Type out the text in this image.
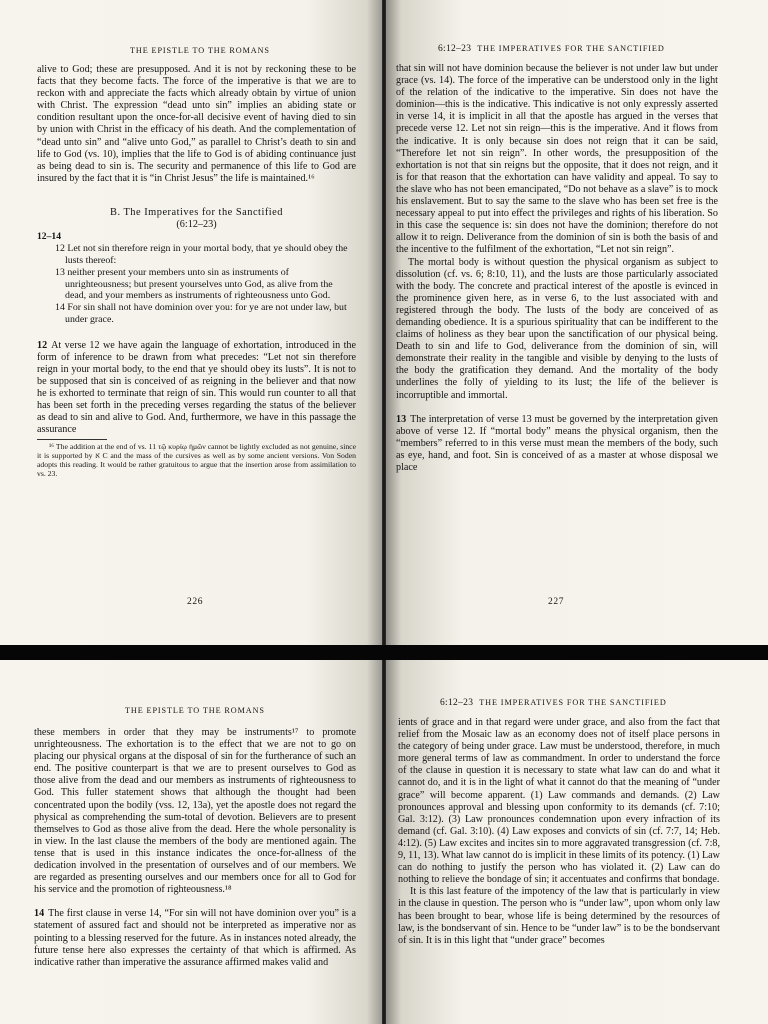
THE EPISTLE TO THE ROMANS

alive to God; these are presupposed. And it is not by reckoning these to be facts that they become facts. The force of the imperative is that we are to reckon with and appreciate the facts which already obtain by virtue of union with Christ. The expression “dead unto sin” implies an abiding state or condition resultant upon the once-for-all decisive event of having died to sin by union with Christ in the efficacy of his death. And the complementation of “dead unto sin” and “alive unto God,” as parallel to Christ’s death to sin and life to God (vs. 10), implies that the life to God is of abiding continuance just as being dead to sin is. The security and permanence of this life to God are insured by the fact that it is “in Christ Jesus” the life is maintained.¹⁶

B. The Imperatives for the Sanctified

(6:12–23)

12–14

12 Let not sin therefore reign in your mortal body, that ye should obey the lusts thereof:

13 neither present your members unto sin as instruments of unrighteousness; but present yourselves unto God, as alive from the dead, and your members as instruments of righteousness unto God.

14 For sin shall not have dominion over you: for ye are not under law, but under grace.

12 At verse 12 we have again the language of exhortation, introduced in the form of inference to be drawn from what precedes: “Let not sin therefore reign in your mortal body, to the end that ye should obey its lusts”. It is not to be supposed that sin is conceived of as reigning in the believer and that now he is exhorted to terminate that reign of sin. This would run counter to all that has been set forth in the preceding verses regarding the status of the believer as dead to sin and alive to God. And, furthermore, we have in this passage the assurance

¹⁶ The addition at the end of vs. 11 τῷ κυρίῳ ἡμῶν cannot be lightly excluded as not genuine, since it is supported by א C and the mass of the cursives as well as by some ancient versions. Von Soden adopts this reading. It would be rather gratuitous to argue that the insertion arose from assimilation to vs. 23.

226
6:12–23 THE IMPERATIVES FOR THE SANCTIFIED

that sin will not have dominion because the believer is not under law but under grace (vs. 14). The force of the imperative can be understood only in the light of the relation of the indicative to the imperative. Sin does not have the dominion—this is the indicative. This indicative is not only expressly asserted in verse 14, it is implicit in all that the apostle has argued in the verses that precede verse 12. Let not sin reign—this is the imperative. And it flows from the indicative. It is only because sin does not reign that it can be said, “Therefore let not sin reign”. In other words, the presupposition of the exhortation is not that sin reigns but the opposite, that it does not reign, and it is for that reason that the exhortation can have validity and appeal. To say to the slave who has not been emancipated, “Do not behave as a slave” is to mock his enslavement. But to say the same to the slave who has been set free is the necessary appeal to put into effect the privileges and rights of his liberation. So in this case the sequence is: sin does not have the dominion; therefore do not allow it to reign. Deliverance from the dominion of sin is both the basis of and the incentive to the fulfilment of the exhortation, “Let not sin reign”.

The mortal body is without question the physical organism as subject to dissolution (cf. vs. 6; 8:10, 11), and the lusts are those particularly associated with the body. The concrete and practical interest of the apostle is evinced in the prominence given here, as in verse 6, to the lust associated with and registered through the body. The lusts of the body are conceived of as demanding obedience. It is a spurious spirituality that can be indifferent to the claims of holiness as they bear upon the sanctification of our physical being. Death to sin and life to God, deliverance from the dominion of sin, will demonstrate their reality in the tangible and visible by denying to the lusts of the body the gratification they demand. And the mortality of the body underlines the folly of yielding to its lust; the life of the believer is incorruptible and immortal.

13 The interpretation of verse 13 must be governed by the interpretation given above of verse 12. If “mortal body” means the physical organism, then the “members” referred to in this verse must mean the members of the body, such as eye, hand, and foot. Sin is conceived of as a master at whose disposal we place

227
THE EPISTLE TO THE ROMANS

these members in order that they may be instruments¹⁷ to promote unrighteousness. The exhortation is to the effect that we are not to go on placing our physical organs at the disposal of sin for the furtherance of such an end. The positive counterpart is that we are to present ourselves to God as those alive from the dead and our members as instruments of righteousness to God. This fuller statement shows that although the thought had been concentrated upon the bodily (vss. 12, 13a), yet the apostle does not regard the physical as comprehending the sum-total of devotion. Believers are to present themselves to God as those alive from the dead. Here the whole personality is in view. In the last clause the members of the body are mentioned again. The tense that is used in this instance indicates the once-for-allness of the dedication involved in the presentation of ourselves and of our members. We are regarded as presenting ourselves and our members once for all to God for his service and the promotion of righteousness.¹⁸

14 The first clause in verse 14, “For sin will not have dominion over you” is a statement of assured fact and should not be interpreted as imperative nor as pointing to a blessing reserved for the future. As in instances noted already, the future tense here also expresses the certainty of that which is affirmed. As indicative rather than imperative the assurance affirmed makes valid and

6:12–23 THE IMPERATIVES FOR THE SANCTIFIED

ients of grace and in that regard were under grace, and also from the fact that relief from the Mosaic law as an economy does not of itself place persons in the category of being under grace. Law must be understood, therefore, in much more general terms of law as commandment. In order to understand the force of the clause in question it is necessary to state what law can do and what it cannot do, and it is in the light of what it cannot do that the meaning of “under grace” will become apparent. (1) Law commands and demands. (2) Law pronounces approval and blessing upon conformity to its demands (cf. 7:10; Gal. 3:12). (3) Law pronounces condemnation upon every infraction of its demand (cf. Gal. 3:10). (4) Law exposes and convicts of sin (cf. 7:7, 14; Heb. 4:12). (5) Law excites and incites sin to more aggravated transgression (cf. 7:8, 9, 11, 13). What law cannot do is implicit in these limits of its potency. (1) Law can do nothing to justify the person who has violated it. (2) Law can do nothing to relieve the bondage of sin; it accentuates and confirms that bondage.

It is this last feature of the impotency of the law that is particularly in view in the clause in question. The person who is “under law”, upon whom only law has been brought to bear, whose life is being determined by the resources of law, is the bondservant of sin. Hence to be “under law” is to be the bondservant of sin. It is in this light that “under grace” becomes
